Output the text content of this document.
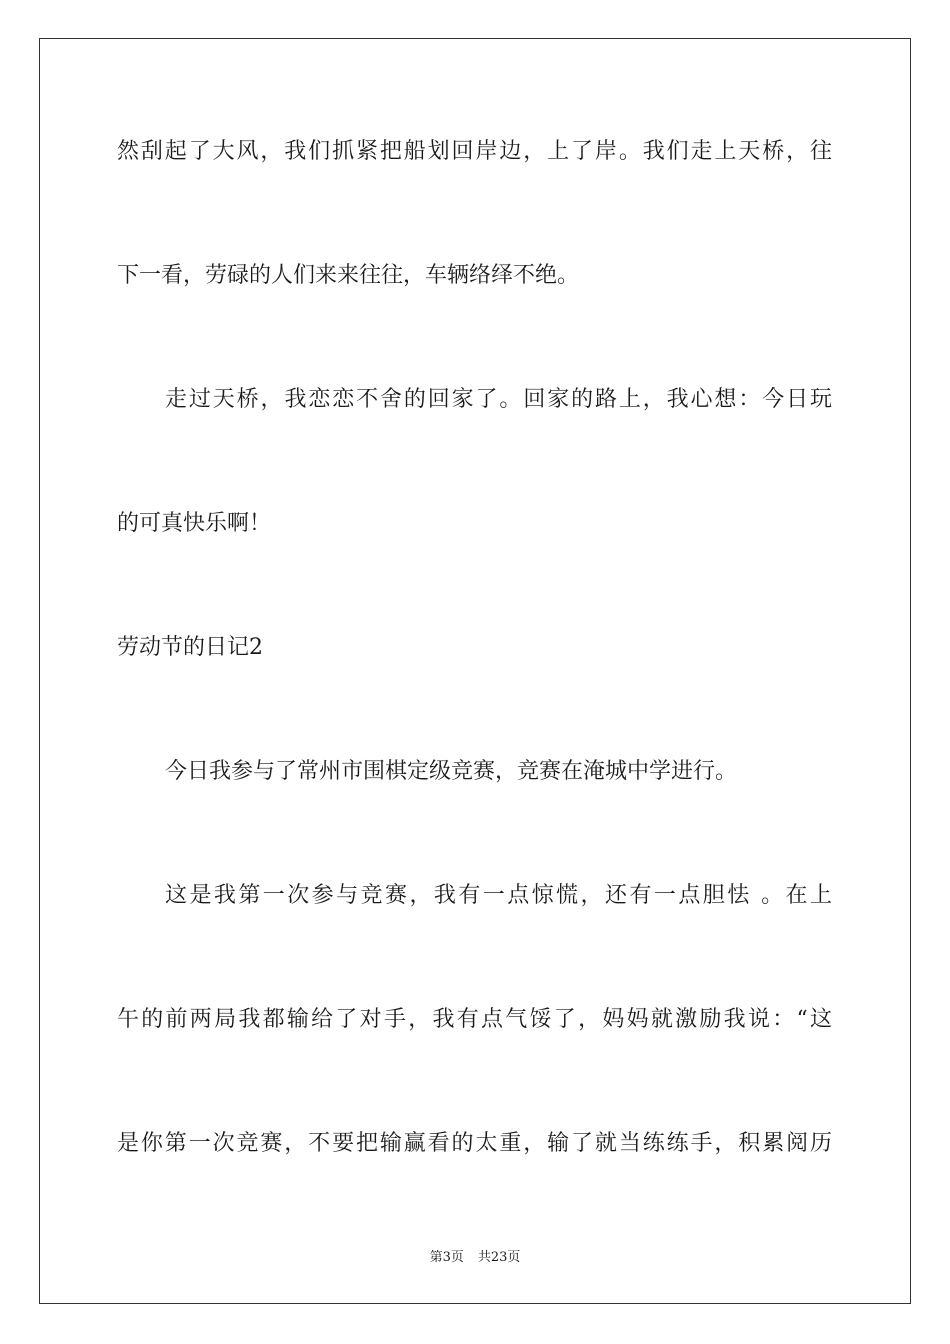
然刮起了大风，我们抓紧把船划回岸边，上了岸。我们走上天桥，往

下一看，劳碌的人们来来往往，车辆络绎不绝。

走过天桥，我恋恋不舍的回家了。回家的路上，我心想：今日玩

的可真快乐啊！

劳动节的日记2

今日我参与了常州市围棋定级竞赛，竞赛在淹城中学进行。

这是我第一次参与竞赛，我有一点惊慌，还有一点胆怯 。在上

午的前两局我都输给了对手，我有点气馁了，妈妈就激励我说：“这

是你第一次竞赛，不要把输赢看的太重，输了就当练练手，积累阅历

第3页 共23页
